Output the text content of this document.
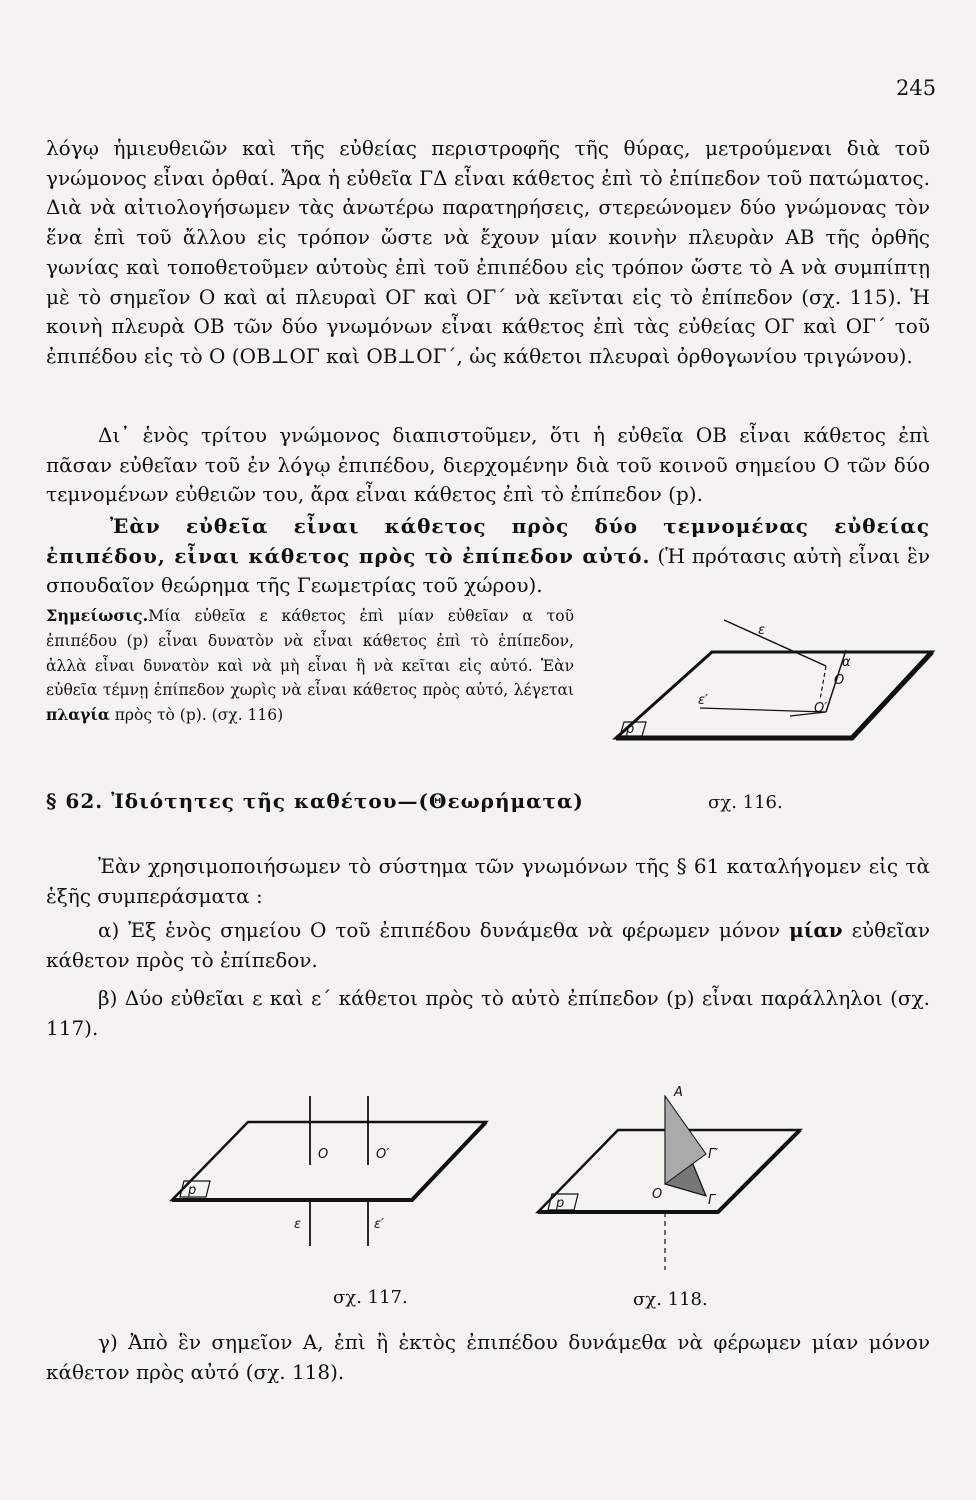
245
λόγῳ ἡμιευθειῶν καὶ τῆς εὐθείας περιστροφῆς τῆς θύρας, μετρούμεναι διὰ τοῦ γνώμονος εἶναι ὀρθαί. Ἄρα ἡ εὐθεῖα ΓΔ εἶναι κάθετος ἐπὶ τὸ ἐπίπεδον τοῦ πατώματος. Διὰ νὰ αἰτιολογήσωμεν τὰς ἀνωτέρω παρατηρήσεις, στερεώνομεν δύο γνώμονας τὸν ἕνα ἐπὶ τοῦ ἄλλου εἰς τρόπον ὥστε νὰ ἔχουν μίαν κοινὴν πλευρὰν ΑΒ τῆς ὀρθῆς γωνίας καὶ τοποθετοῦμεν αὐτοὺς ἐπὶ τοῦ ἐπιπέδου εἰς τρόπον ὥστε τὸ Α νὰ συμπίπτῃ μὲ τὸ σημεῖον Ο καὶ αἱ πλευραὶ ΟΓ καὶ ΟΓ΄ νὰ κεῖνται εἰς τὸ ἐπίπεδον (σχ. 115). Ἡ κοινὴ πλευρὰ ΟΒ τῶν δύο γνωμόνων εἶναι κάθετος ἐπὶ τὰς εὐθείας ΟΓ καὶ ΟΓ΄ τοῦ ἐπιπέδου εἰς τὸ Ο (ΟΒ⊥ΟΓ καὶ ΟΒ⊥ΟΓ΄, ὡς κάθετοι πλευραὶ ὀρθογωνίου τριγώνου).
Δι᾽ ἑνὸς τρίτου γνώμονος διαπιστοῦμεν, ὅτι ἡ εὐθεῖα ΟΒ εἶναι κάθετος ἐπὶ πᾶσαν εὐθεῖαν τοῦ ἐν λόγῳ ἐπιπέδου, διερχομένην διὰ τοῦ κοινοῦ σημείου Ο τῶν δύο τεμνομένων εὐθειῶν του, ἄρα εἶναι κάθετος ἐπὶ τὸ ἐπίπεδον (p).
Ἐὰν εὐθεῖα εἶναι κάθετος πρὸς δύο τεμνομένας εὐθείας ἐπιπέδου, εἶναι κάθετος πρὸς τὸ ἐπίπεδον αὐτό. (Ἡ πρότασις αὐτὴ εἶναι ἓν σπουδαῖον θεώρημα τῆς Γεωμετρίας τοῦ χώρου).
Σημείωσις.Μία εὐθεῖα ε κάθετος ἐπὶ μίαν εὐθεῖαν α τοῦ ἐπιπέδου (p) εἶναι δυνατὸν νὰ εἶναι κάθετος ἐπὶ τὸ ἐπίπεδον, ἀλλὰ εἶναι δυνατὸν καὶ νὰ μὴ εἶναι ἢ νὰ κεῖται εἰς αὐτό. Ἐὰν εὐθεῖα τέμνῃ ἐπίπεδον χωρὶς νὰ εἶναι κάθετος πρὸς αὐτό, λέγεται πλαγία πρὸς τὸ (p). (σχ. 116)
ε
α
O
O′
ε′
p
σχ. 116.
§ 62. Ἰδιότητες τῆς καθέτου—(Θεωρήματα)
Ἐὰν χρησιμοποιήσωμεν τὸ σύστημα τῶν γνωμόνων τῆς § 61 καταλήγομεν εἰς τὰ ἑξῆς συμπεράσματα :
α) Ἐξ ἑνὸς σημείου Ο τοῦ ἐπιπέδου δυνάμεθα νὰ φέρωμεν μόνον μίαν εὐθεῖαν κάθετον πρὸς τὸ ἐπίπεδον.
β) Δύο εὐθεῖαι ε καὶ ε΄ κάθετοι πρὸς τὸ αὐτὸ ἐπίπεδον (p) εἶναι παράλληλοι (σχ. 117).
O	O′
ε	ε′
p
σχ. 117.
A
Γ′
O	Γ
p
σχ. 118.
γ) Ἀπὸ ἓν σημεῖον Α, ἐπὶ ἢ ἐκτὸς ἐπιπέδου δυνάμεθα νὰ φέρωμεν μίαν μόνον κάθετον πρὸς αὐτό (σχ. 118).
